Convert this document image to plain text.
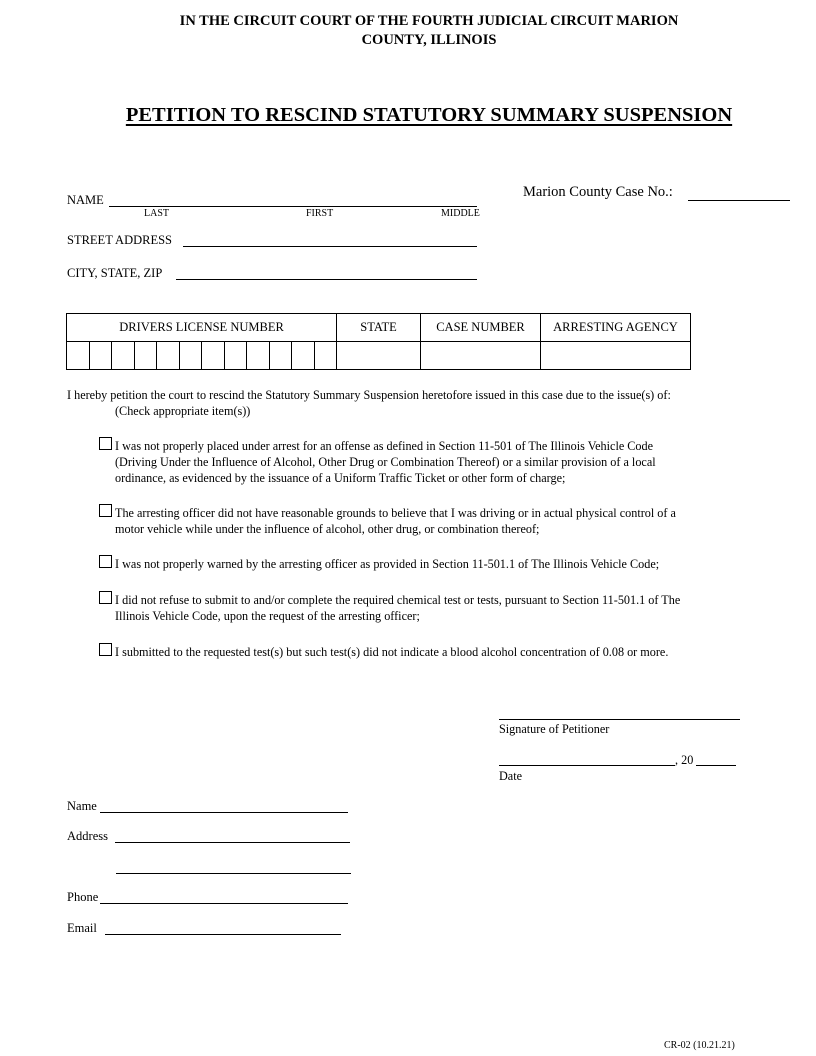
IN THE CIRCUIT COURT OF THE FOURTH JUDICIAL CIRCUIT MARION
COUNTY, ILLINOIS
PETITION TO RESCIND STATUTORY SUMMARY SUSPENSION
Marion County Case No.:
NAME
LAST	FIRST	MIDDLE
STREET ADDRESS
CITY, STATE, ZIP
DRIVERS LICENSE NUMBER												STATE	CASE NUMBER	ARRESTING AGENCY

I hereby petition the court to rescind the Statutory Summary Suspension heretofore issued in this case due to the issue(s) of:
(Check appropriate item(s))
I was not properly placed under arrest for an offense as defined in Section 11-501 of The Illinois Vehicle Code
(Driving Under the Influence of Alcohol, Other Drug or Combination Thereof) or a similar provision of a local
ordinance, as evidenced by the issuance of a Uniform Traffic Ticket or other form of charge;
The arresting officer did not have reasonable grounds to believe that I was driving or in actual physical control of a
motor vehicle while under the influence of alcohol, other drug, or combination thereof;
I was not properly warned by the arresting officer as provided in Section 11-501.1 of The Illinois Vehicle Code;
I did not refuse to submit to and/or complete the required chemical test or tests, pursuant to Section 11-501.1 of The
Illinois Vehicle Code, upon the request of the arresting officer;
I submitted to the requested test(s) but such test(s) did not indicate a blood alcohol concentration of 0.08 or more.
Signature of Petitioner
, 20
Date
Name
Address
Phone
Email
CR-02 (10.21.21)
